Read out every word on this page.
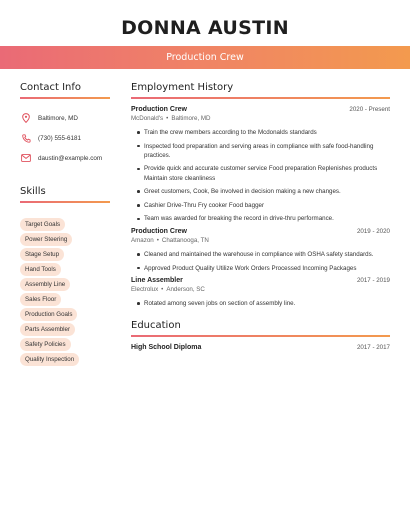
DONNA AUSTIN
Production Crew
Contact Info
Baltimore, MD
(730) 555-6181
daustin@example.com
Skills
Target Goals
Power Steering
Stage Setup
Hand Tools
Assembly Line
Sales Floor
Production Goals
Parts Assembler
Safety Policies
Quality Inspection
Employment History
Production Crew	2020 - Present
McDonald's • Baltimore, MD
Train the crew members according to the Mcdonalds standards
Inspected food preparation and serving areas in compliance with safe food-handling practices.
Provide quick and accurate customer service Food preparation Replenishes products Maintain store cleanliness
Greet customers, Cook, Be involved in decision making a new changes.
Cashier Drive-Thru Fry cooker Food bagger
Team was awarded for breaking the record in drive-thru performance.
Production Crew	2019 - 2020
Amazon • Chattanooga, TN
Cleaned and maintained the warehouse in compliance with OSHA safety standards.
Approved Product Quality Utilize Work Orders Processed Incoming Packages
Line Assembler	2017 - 2019
Electrolux • Anderson, SC
Rotated among seven jobs on section of assembly line.
Education
High School Diploma	2017 - 2017
